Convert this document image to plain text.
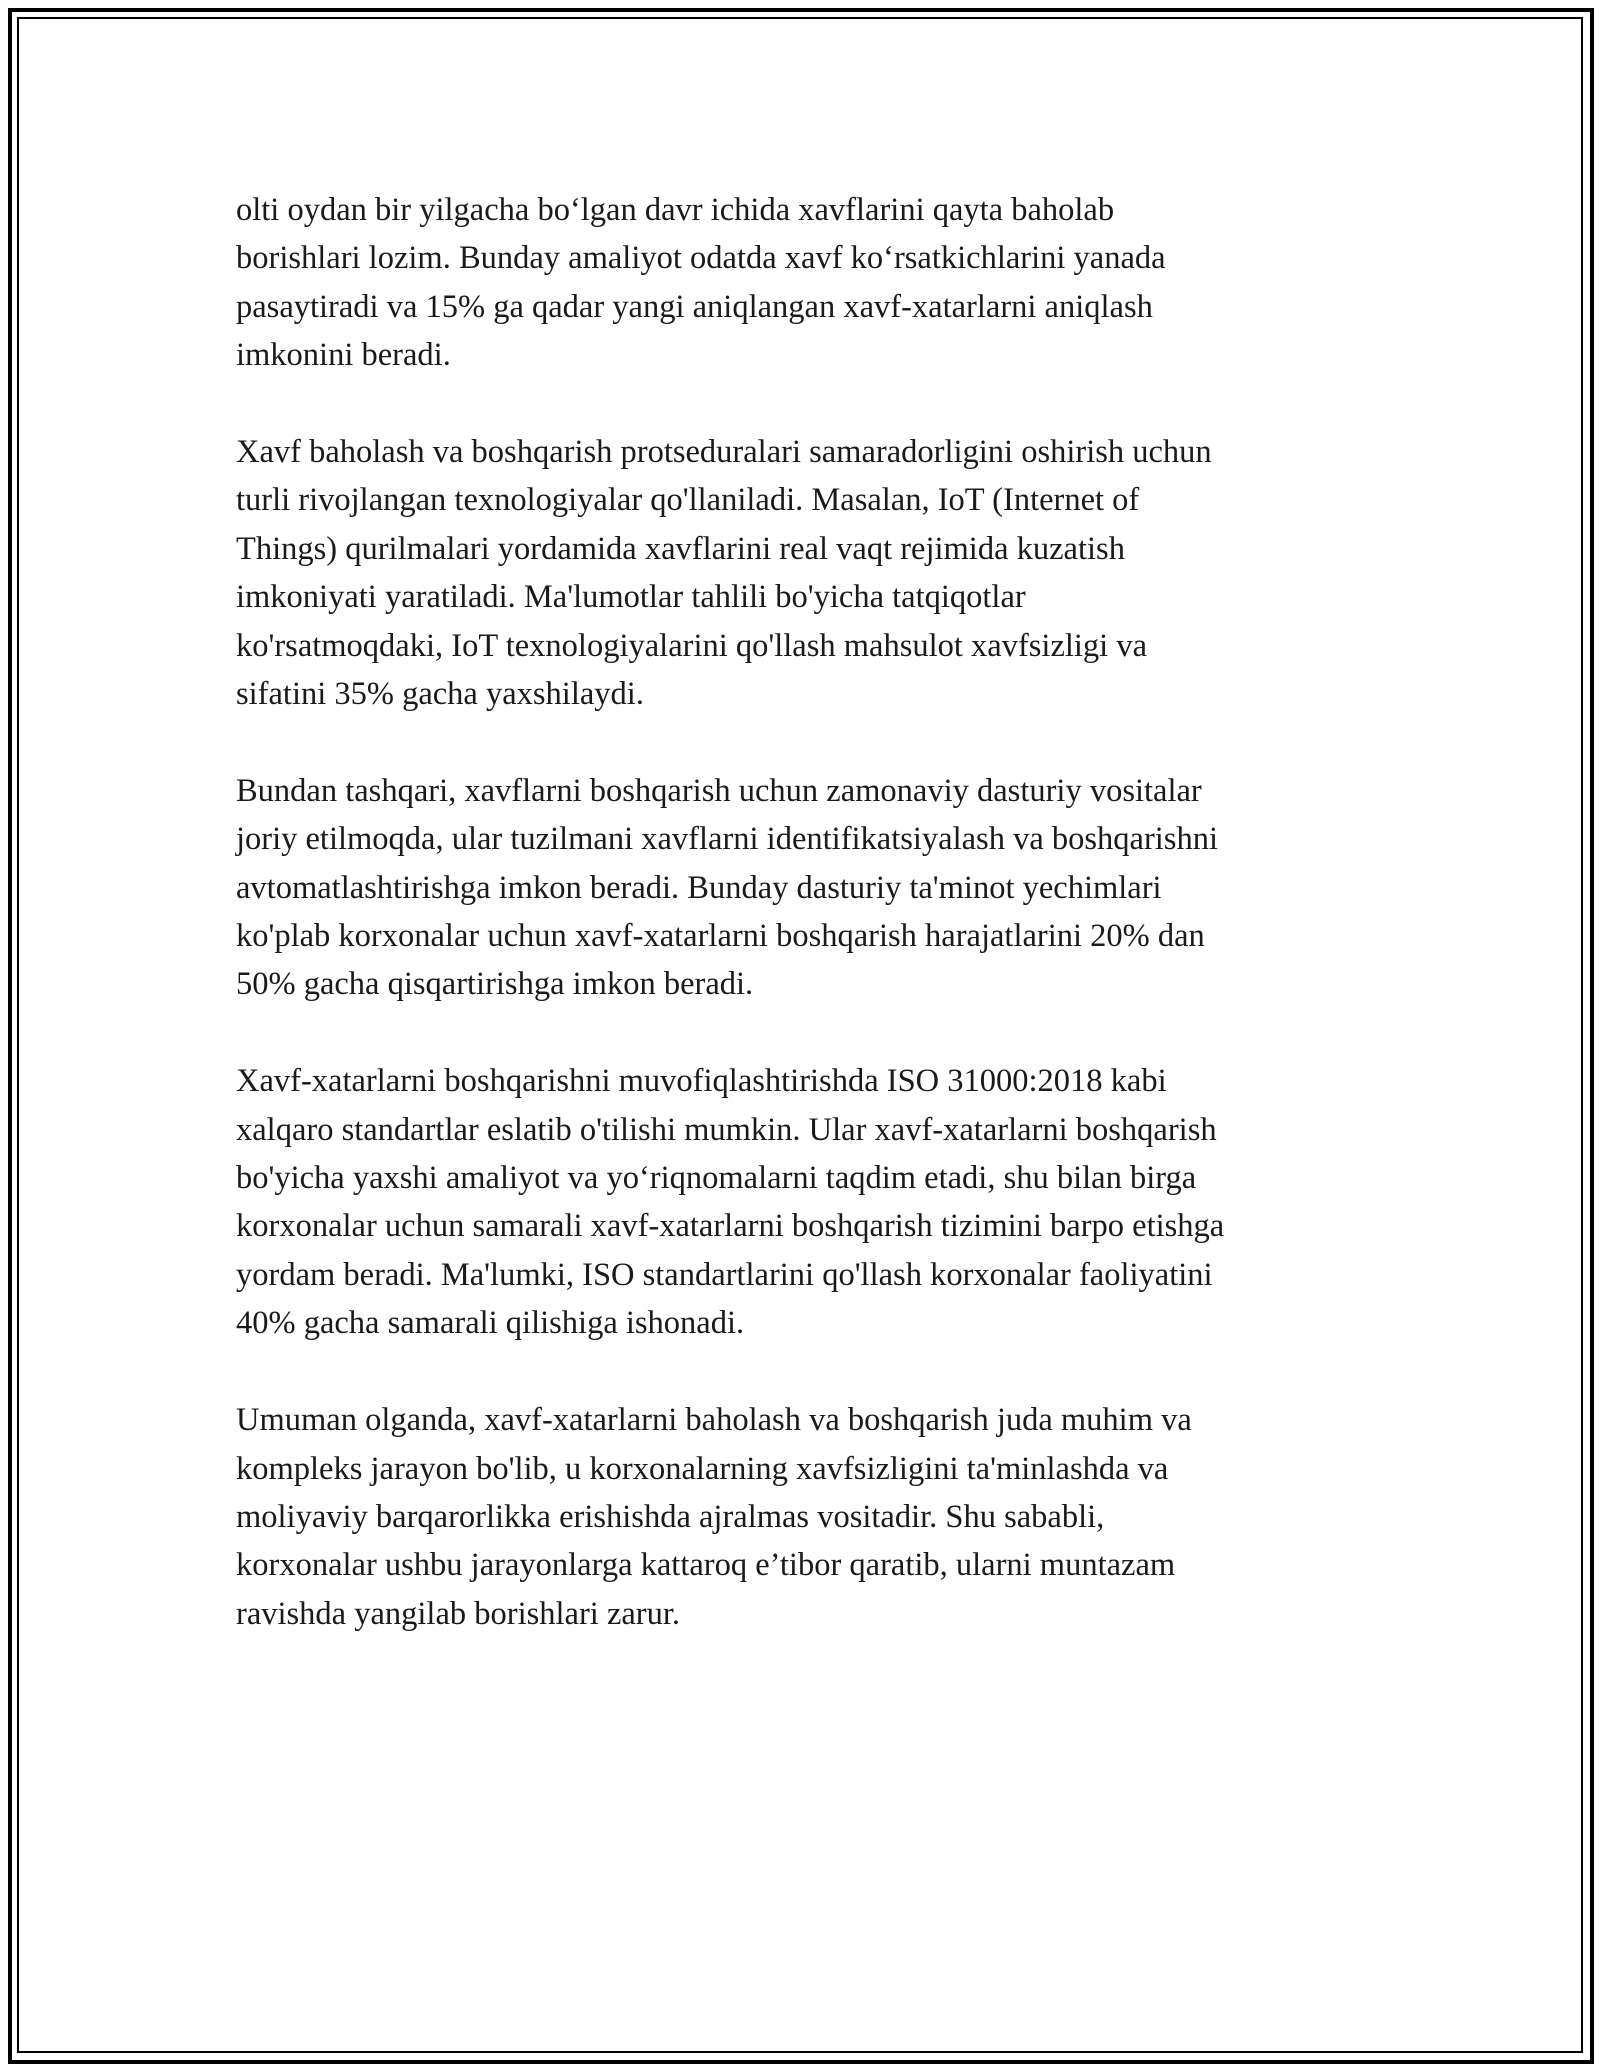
olti oydan bir yilgacha bo‘lgan davr ichida xavflarini qayta baholab
borishlari lozim. Bunday amaliyot odatda xavf ko‘rsatkichlarini yanada
pasaytiradi va 15% ga qadar yangi aniqlangan xavf-xatarlarni aniqlash
imkonini beradi.

Xavf baholash va boshqarish protseduralari samaradorligini oshirish uchun
turli rivojlangan texnologiyalar qo'llaniladi. Masalan, IoT (Internet of
Things) qurilmalari yordamida xavflarini real vaqt rejimida kuzatish
imkoniyati yaratiladi. Ma'lumotlar tahlili bo'yicha tatqiqotlar
ko'rsatmoqdaki, IoT texnologiyalarini qo'llash mahsulot xavfsizligi va
sifatini 35% gacha yaxshilaydi.

Bundan tashqari, xavflarni boshqarish uchun zamonaviy dasturiy vositalar
joriy etilmoqda, ular tuzilmani xavflarni identifikatsiyalash va boshqarishni
avtomatlashtirishga imkon beradi. Bunday dasturiy ta'minot yechimlari
ko'plab korxonalar uchun xavf-xatarlarni boshqarish harajatlarini 20% dan
50% gacha qisqartirishga imkon beradi.

Xavf-xatarlarni boshqarishni muvofiqlashtirishda ISO 31000:2018 kabi
xalqaro standartlar eslatib o'tilishi mumkin. Ular xavf-xatarlarni boshqarish
bo'yicha yaxshi amaliyot va yo‘riqnomalarni taqdim etadi, shu bilan birga
korxonalar uchun samarali xavf-xatarlarni boshqarish tizimini barpo etishga
yordam beradi. Ma'lumki, ISO standartlarini qo'llash korxonalar faoliyatini
40% gacha samarali qilishiga ishonadi.

Umuman olganda, xavf-xatarlarni baholash va boshqarish juda muhim va
kompleks jarayon bo'lib, u korxonalarning xavfsizligini ta'minlashda va
moliyaviy barqarorlikka erishishda ajralmas vositadir. Shu sababli,
korxonalar ushbu jarayonlarga kattaroq e’tibor qaratib, ularni muntazam
ravishda yangilab borishlari zarur.
